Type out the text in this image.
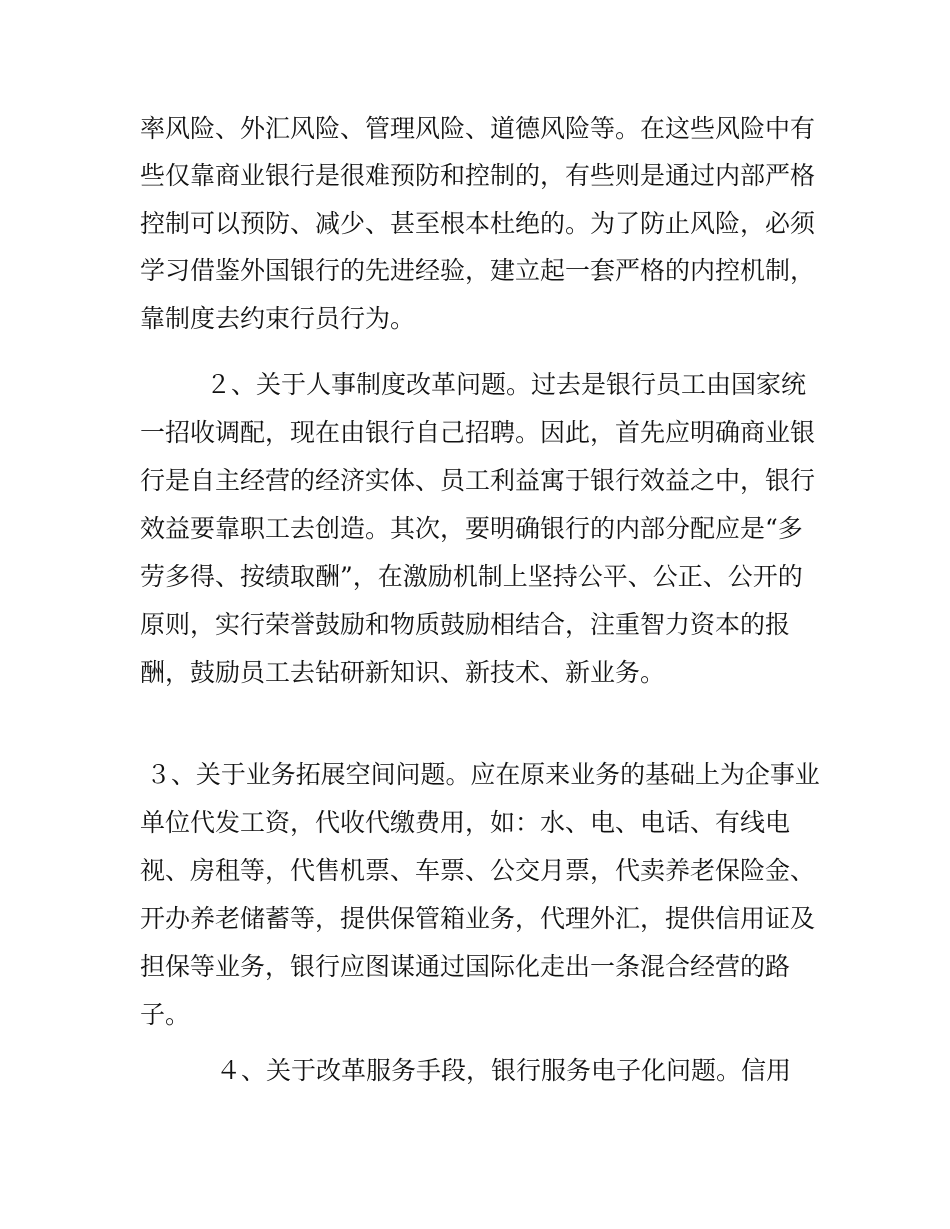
率风险、外汇风险、管理风险、道德风险等。在这些风险中有
些仅靠商业银行是很难预防和控制的，有些则是通过内部严格
控制可以预防、减少、甚至根本杜绝的。为了防止风险，必须
学习借鉴外国银行的先进经验，建立起一套严格的内控机制，
靠制度去约束行员行为。
２、关于人事制度改革问题。过去是银行员工由国家统
一招收调配，现在由银行自己招聘。因此，首先应明确商业银
行是自主经营的经济实体、员工利益寓于银行效益之中，银行
效益要靠职工去创造。其次，要明确银行的内部分配应是“多
劳多得、按绩取酬”，在激励机制上坚持公平、公正、公开的
原则，实行荣誉鼓励和物质鼓励相结合，注重智力资本的报
酬，鼓励员工去钻研新知识、新技术、新业务。
３、关于业务拓展空间问题。应在原来业务的基础上为企事业
单位代发工资，代收代缴费用，如：水、电、电话、有线电
视、房租等，代售机票、车票、公交月票，代卖养老保险金、
开办养老储蓄等，提供保管箱业务，代理外汇，提供信用证及
担保等业务，银行应图谋通过国际化走出一条混合经营的路
子。
４、关于改革服务手段，银行服务电子化问题。信用
